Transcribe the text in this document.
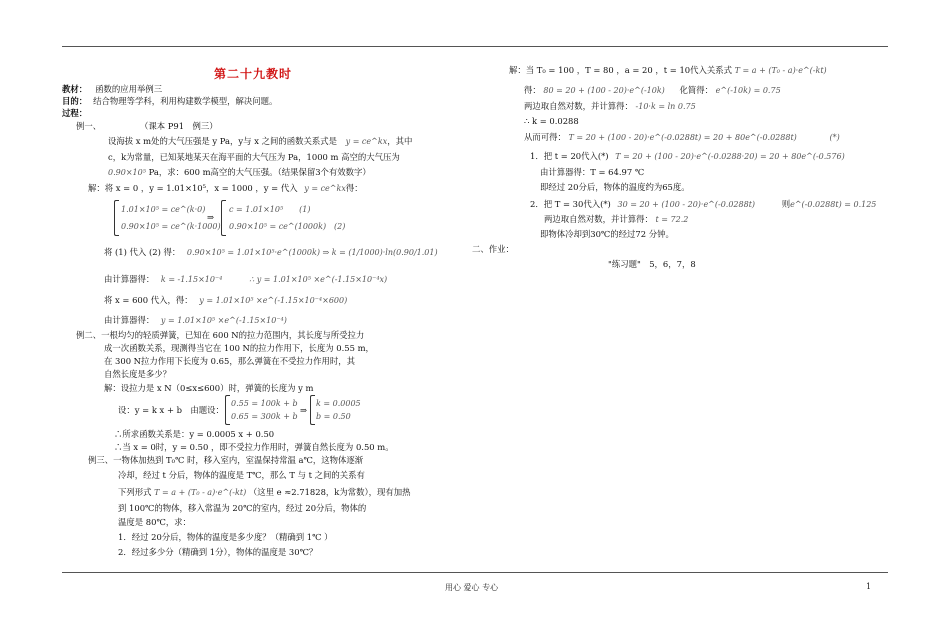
第二十九教时
教材： 函数的应用举例三
目的： 结合物理等学科，利用构建数学模型，解决问题。
过程：
例一、	（课本 P91　例三）
设海拔 x m处的大气压强是 y Pa，y与 x 之间的函数关系式是 y = ce^kx，其中
c，k为常量，已知某地某天在海平面的大气压为 Pa，1000 m 高空的大气压为
0.90×10⁵ Pa，求：600 m高空的大气压强。（结果保留3个有效数字）
解：将 x = 0 ，y = 1.01×10⁵，x = 1000 ，y = 代入 y = ce^kx得：
1.01×10⁵ = ce^(k·0)
0.90×10⁵ = ce^(k·1000)
⇒
c = 1.01×10⁵　　(1)
0.90×10⁵ = ce^(1000k)　(2)
将 (1) 代入 (2) 得： 0.90×10⁵ = 1.01×10⁵·e^(1000k) ⇒ k = (1/1000)·ln(0.90/1.01)
由计算器得： k = -1.15×10⁻⁴	∴ y = 1.01×10⁵ ×e^(-1.15×10⁻⁴x)
将 x = 600 代入，得： y = 1.01×10⁵ ×e^(-1.15×10⁻⁴×600)
由计算器得： y = 1.01×10⁵ ×e^(-1.15×10⁻⁴)
例二、一根均匀的轻质弹簧，已知在 600 N的拉力范围内，其长度与所受拉力
成一次函数关系，现测得当它在 100 N的拉力作用下，长度为 0.55 m，
在 300 N拉力作用下长度为 0.65，那么弹簧在不受拉力作用时，其
自然长度是多少？
解：设拉力是 x N（0≤x≤600）时，弹簧的长度为 y m
设：y = k x + b　由题设：
0.55 = 100k + b
0.65 = 300k + b
⇒
k = 0.0005
b = 0.50
∴所求函数关系是：y = 0.0005 x + 0.50
∴当 x = 0时，y = 0.50 ，即不受拉力作用时，弹簧自然长度为 0.50 m。
例三、一物体加热到 T₀℃ 时，移入室内，室温保持常温 a℃，这物体逐渐
冷却，经过 t 分后，物体的温度是 T℃，那么 T 与 t 之间的关系有
下列形式 T = a + (T₀ - a)·e^(-kt) （这里 e ≈2.71828，k为常数），现有加热
到 100℃的物体，移入常温为 20℃的室内，经过 20分后，物体的
温度是 80℃，求：
1．经过 20分后，物体的温度是多少度？（精确到 1℃ ）
2．经过多少分（精确到 1分），物体的温度是 30℃？
解：当 T₀ = 100 ，T = 80 ，a = 20 ，t = 10代入关系式 T = a + (T₀ - a)·e^(-kt)
得： 80 = 20 + (100 - 20)·e^(-10k) 化简得： e^(-10k) = 0.75
两边取自然对数，并计算得： -10·k = ln 0.75
∴ k = 0.0288
从而可得： T = 20 + (100 - 20)·e^(-0.0288t) = 20 + 80e^(-0.0288t)	(*)
1．把 t = 20代入(*) T = 20 + (100 - 20)·e^(-0.0288·20) = 20 + 80e^(-0.576)
由计算器得：T = 64.97 ℃
即经过 20分后，物体的温度约为65度。
2．把 T = 30代入(*) 30 = 20 + (100 - 20)·e^(-0.0288t)	则e^(-0.0288t) = 0.125
两边取自然对数，并计算得： t = 72.2
即物体冷却到30℃的经过72 分钟。
二、作业：
"练习题"　5，6，7，8
用心 爱心 专心	1
